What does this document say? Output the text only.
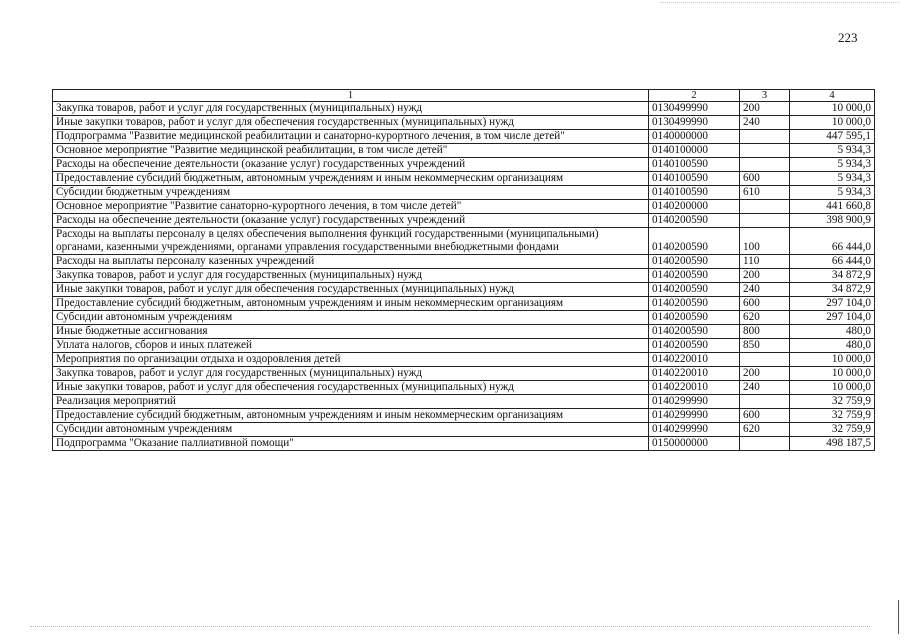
223
1	2	3	4
Закупка товаров, работ и услуг для государственных (муниципальных) нужд	0130499990	200	10 000,0
Иные закупки товаров, работ и услуг для обеспечения государственных (муниципальных) нужд	0130499990	240	10 000,0
Подпрограмма "Развитие медицинской реабилитации и санаторно-курортного лечения, в том числе детей"	0140000000		447 595,1
Основное мероприятие "Развитие медицинской реабилитации, в том числе детей"	0140100000		5 934,3
Расходы на обеспечение деятельности (оказание услуг) государственных учреждений	0140100590		5 934,3
Предоставление субсидий бюджетным, автономным учреждениям и иным некоммерческим организациям	0140100590	600	5 934,3
Субсидии бюджетным учреждениям	0140100590	610	5 934,3
Основное мероприятие "Развитие санаторно-курортного лечения, в том числе детей"	0140200000		441 660,8
Расходы на обеспечение деятельности (оказание услуг) государственных учреждений	0140200590		398 900,9
Расходы на выплаты персоналу в целях обеспечения выполнения функций государственными (муниципальными) органами, казенными учреждениями, органами управления государственными внебюджетными фондами	0140200590	100	66 444,0
Расходы на выплаты персоналу казенных учреждений	0140200590	110	66 444,0
Закупка товаров, работ и услуг для государственных (муниципальных) нужд	0140200590	200	34 872,9
Иные закупки товаров, работ и услуг для обеспечения государственных (муниципальных) нужд	0140200590	240	34 872,9
Предоставление субсидий бюджетным, автономным учреждениям и иным некоммерческим организациям	0140200590	600	297 104,0
Субсидии автономным учреждениям	0140200590	620	297 104,0
Иные бюджетные ассигнования	0140200590	800	480,0
Уплата налогов, сборов и иных платежей	0140200590	850	480,0
Мероприятия по организации отдыха и оздоровления детей	0140220010		10 000,0
Закупка товаров, работ и услуг для государственных (муниципальных) нужд	0140220010	200	10 000,0
Иные закупки товаров, работ и услуг для обеспечения государственных (муниципальных) нужд	0140220010	240	10 000,0
Реализация мероприятий	0140299990		32 759,9
Предоставление субсидий бюджетным, автономным учреждениям и иным некоммерческим организациям	0140299990	600	32 759,9
Субсидии автономным учреждениям	0140299990	620	32 759,9
Подпрограмма "Оказание паллиативной помощи"	0150000000		498 187,5
